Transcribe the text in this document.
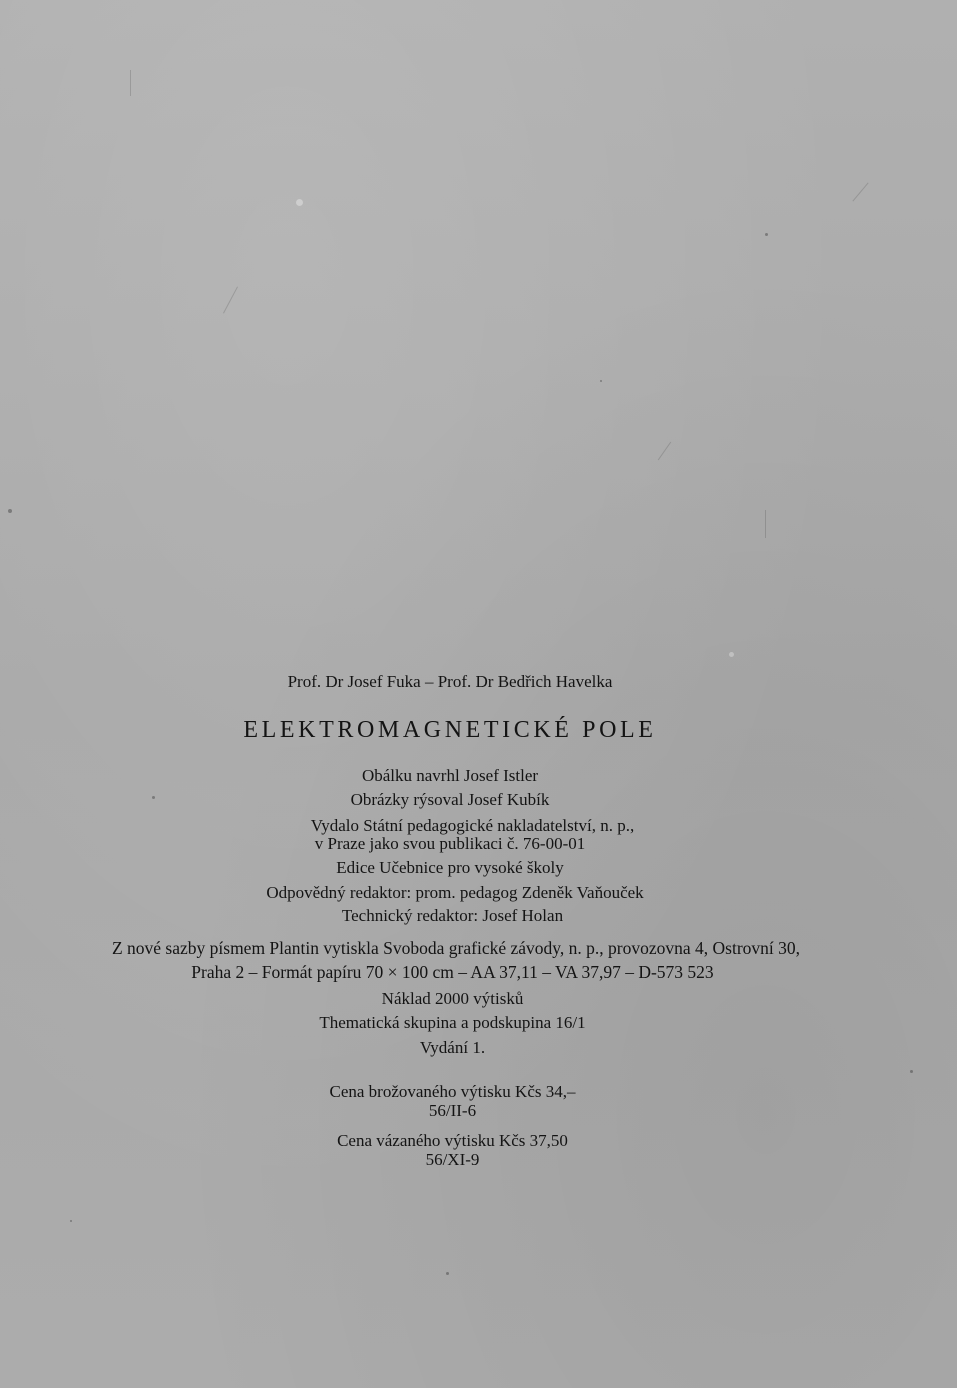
Prof. Dr Josef Fuka – Prof. Dr Bedřich Havelka
ELEKTROMAGNETICKÉ POLE
Obálku navrhl Josef Istler
Obrázky rýsoval Josef Kubík
Vydalo Státní pedagogické nakladatelství, n. p.,
v Praze jako svou publikaci č. 76-00-01
Edice Učebnice pro vysoké školy
Odpovědný redaktor: prom. pedagog Zdeněk Vaňouček
Technický redaktor: Josef Holan
Z nové sazby písmem Plantin vytiskla Svoboda grafické závody, n. p., provozovna 4, Ostrovní 30,
Praha 2 – Formát papíru 70 × 100 cm – AA 37,11 – VA 37,97 – D-573 523
Náklad 2000 výtisků
Thematická skupina a podskupina 16/1
Vydání 1.
Cena brožovaného výtisku Kčs 34,–
56/II-6
Cena vázaného výtisku Kčs 37,50
56/XI-9
